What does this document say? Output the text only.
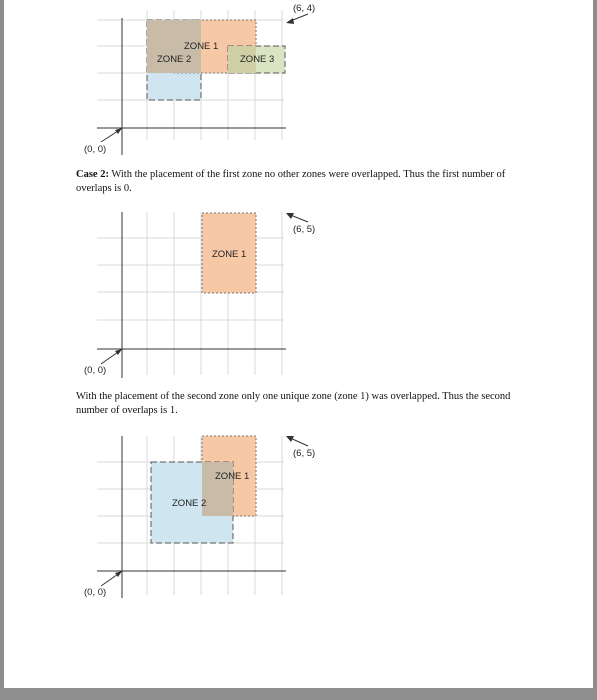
ZONE 1
ZONE 2	ZONE 3
(6, 4)
(0, 0)
Case 2: With the placement of the first zone no other zones were overlapped. Thus the first number of overlaps is 0.
ZONE 1
(6, 5)
(0, 0)
With the placement of the second zone only one unique zone (zone 1) was overlapped. Thus the second number of overlaps is 1.
ZONE 1
ZONE 2
(6, 5)
(0, 0)
